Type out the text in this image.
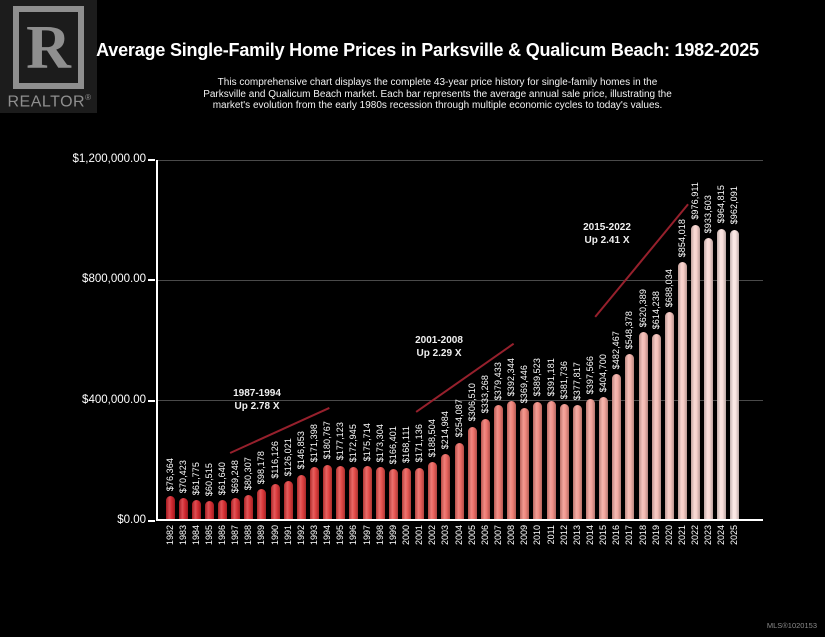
R
REALTOR®
Average Single-Family Home Prices in Parksville & Qualicum Beach: 1982-2025
This comprehensive chart displays the complete 43-year price history for single-family homes in the
Parksville and Qualicum Beach market. Each bar represents the average annual sale price, illustrating the
market's evolution from the early 1980s recession through multiple economic cycles to today's values.
$76,364
1982
$70,423
1983
$61,775
1984
$60,515
1985
$61,640
1986
$69,248
1987
$80,307
1988
$98,178
1989
$116,126
1990
$126,021
1991
$146,853
1992
$171,398
1993
$180,767
1994
$177,123
1995
$172,945
1996
$175,714
1997
$173,304
1998
$166,401
1999
$168,111
2000
$171,136
2001
$188,504
2002
$214,984
2003
$254,087
2004
$306,510
2005
$333,268
2006
$379,433
2007
$392,344
2008
$369,446
2009
$389,523
2010
$391,181
2011
$381,736
2012
$377,817
2013
$397,566
2014
$404,700
2015
$482,467
2016
$548,378
2017
$620,389
2018
$614,238
2019
$688,034
2020
$854,018
2021
$976,911
2022
$933,603
2023
$964,815
2024
$962,091
2025
1987-1994
Up 2.78 X
2001-2008
Up 2.29 X
2015-2022
Up 2.41 X
$1,200,000.00
$800,000.00
$400,000.00
$0.00
MLS®1020153
